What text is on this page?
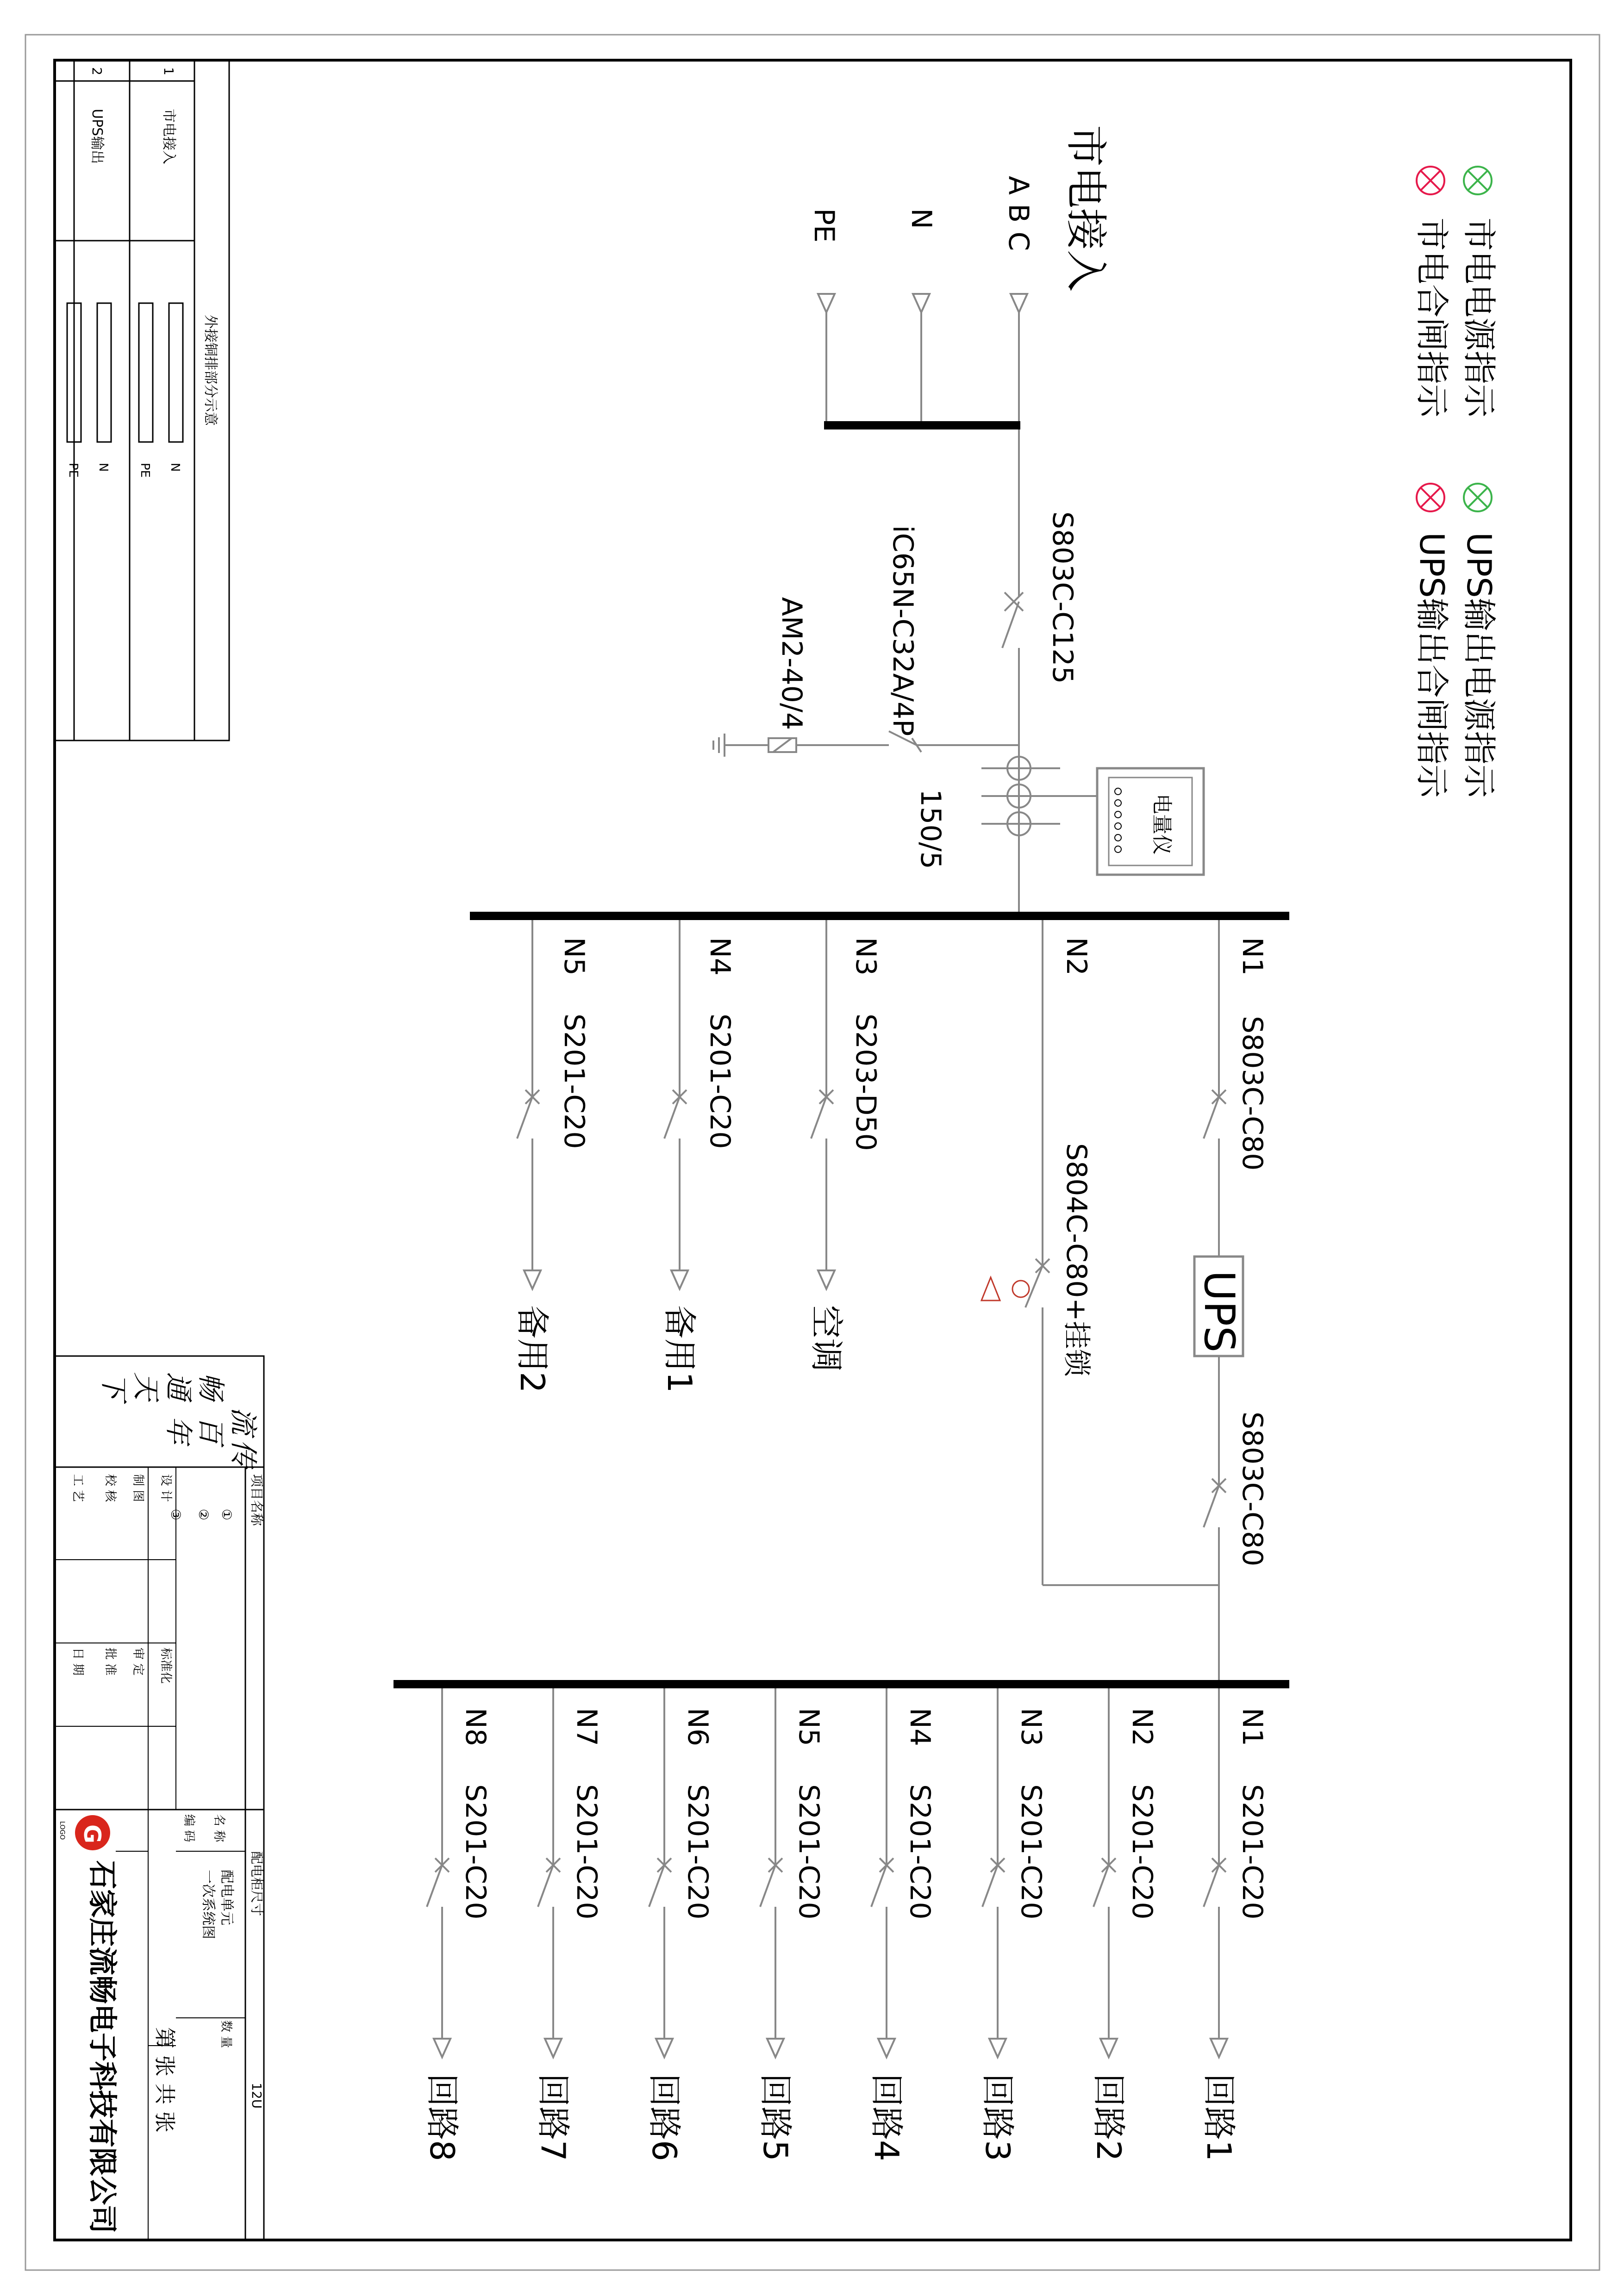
市电电源指示
市电合闸指示
UPS输出电源指示
UPS输出合闸指示
市电接入
A B C
N
PE
S803C-C125
iC65N-C32A/4P
AM2-40/4
150/5	电量仪
N1
S803C-C80
UPS
S803C-C80
N2
S804C-C80+挂锁
N3
S203-D50
空调
N4
S201-C20
备用1
N5
S201-C20
备用2
N1
S201-C20
回路1
N2
S201-C20
回路2
N3
S201-C20
回路3
N4
S201-C20
回路4
N5
S201-C20
回路5
N6
S201-C20
回路6
N7
S201-C20
回路7
N8
S201-C20
回路8
外接铜排部分示意
1
2
市电接入
UPS输出
N
PE
N
PE
流
传
百
年
畅
通
天
下
项目名称
①
②
③
设 计
制 图
校 核
工 艺
标准化
审 定
批 准
日 期
配电柜尺寸
12U
名 称
配电单元
一次系统图
编 码
数 量
第 张 共 张
G
LOGO
石家庄流畅电子科技有限公司
